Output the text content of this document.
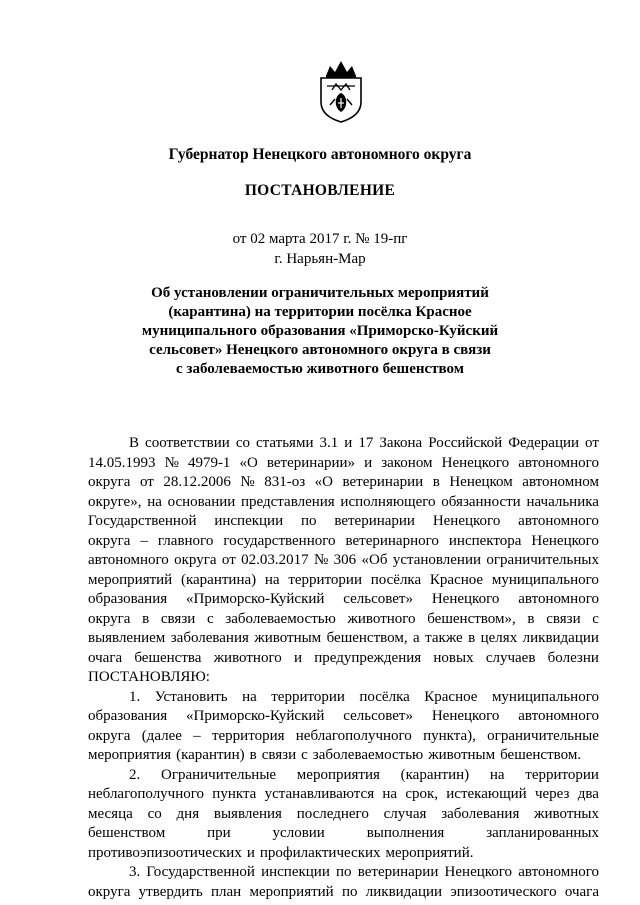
Губернатор Ненецкого автономного округа
ПОСТАНОВЛЕНИЕ
от 02 марта 2017 г. № 19-пг
г. Нарьян-Мар
Об установлении ограничительных мероприятий
(карантина) на территории посёлка Красное
муниципального образования «Приморско-Куйский
сельсовет» Ненецкого автономного округа в связи
с заболеваемостью животного бешенством
В соответствии со статьями 3.1 и 17 Закона Российской Федерации от
14.05.1993 № 4979-1 «О ветеринарии» и законом Ненецкого автономного
округа от 28.12.2006 № 831-оз «О ветеринарии в Ненецком автономном
округе», на основании представления исполняющего обязанности начальника
Государственной инспекции по ветеринарии Ненецкого автономного
округа – главного государственного ветеринарного инспектора Ненецкого
автономного округа от 02.03.2017 № 306 «Об установлении ограничительных
мероприятий (карантина) на территории посёлка Красное муниципального
образования «Приморско-Куйский сельсовет» Ненецкого автономного
округа в связи с заболеваемостью животного бешенством», в связи с
выявлением заболевания животным бешенством, а также в целях ликвидации
очага бешенства животного и предупреждения новых случаев болезни
ПОСТАНОВЛЯЮ:
1. Установить на территории посёлка Красное муниципального
образования «Приморско-Куйский сельсовет» Ненецкого автономного
округа (далее – территория неблагополучного пункта), ограничительные
мероприятия (карантин) в связи с заболеваемостью животным бешенством.
2. Ограничительные мероприятия (карантин) на территории
неблагополучного пункта устанавливаются на срок, истекающий через два
месяца со дня выявления последнего случая заболевания животных
бешенством	при	условии	выполнения	запланированных
противоэпизоотических и профилактических мероприятий.
3. Государственной инспекции по ветеринарии Ненецкого автономного
округа утвердить план мероприятий по ликвидации эпизоотического очага
